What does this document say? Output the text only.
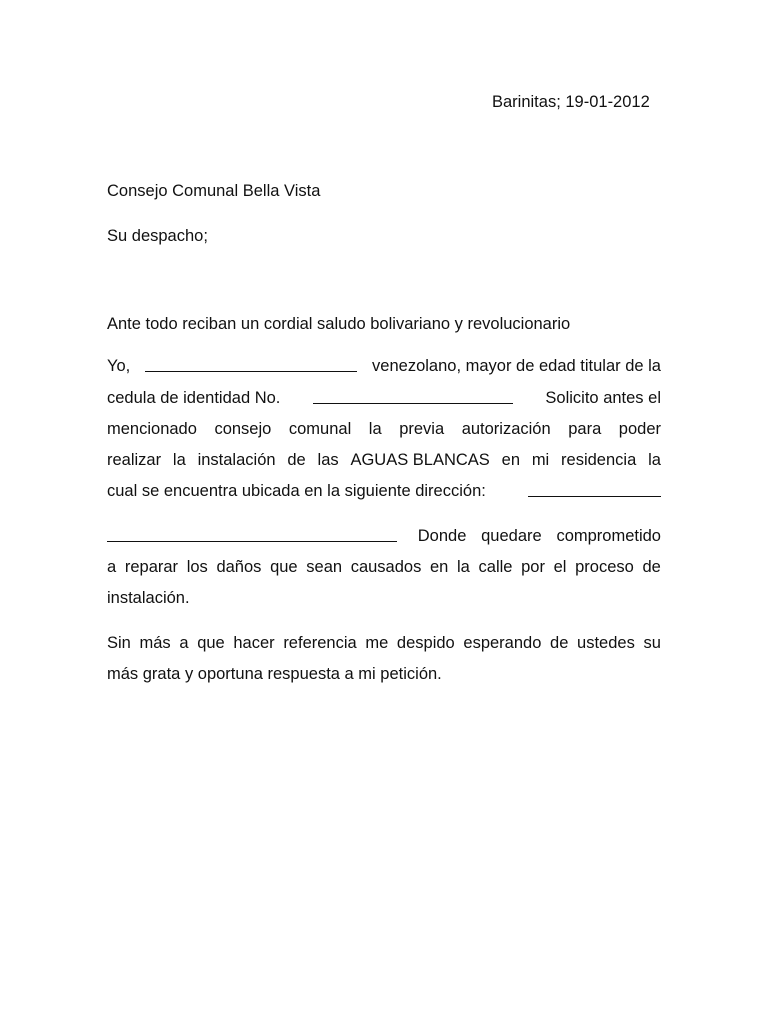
Barinitas; 19-01-2012
Consejo Comunal Bella Vista
Su despacho;
Ante todo reciban un cordial saludo bolivariano y revolucionario
Yo,	venezolano, mayor de edad titular de la
cedula de identidad No.	Solicito antes el
mencionado consejo comunal la previa autorización para poder
realizar la instalación de las AGUAS BLANCAS en mi residencia la
cual se encuentra ubicada en la siguiente dirección:
Donde quedare comprometido
a reparar los daños que sean causados en la calle por el proceso de
instalación.
Sin más a que hacer referencia me despido esperando de ustedes su
más grata y oportuna respuesta a mi petición.
